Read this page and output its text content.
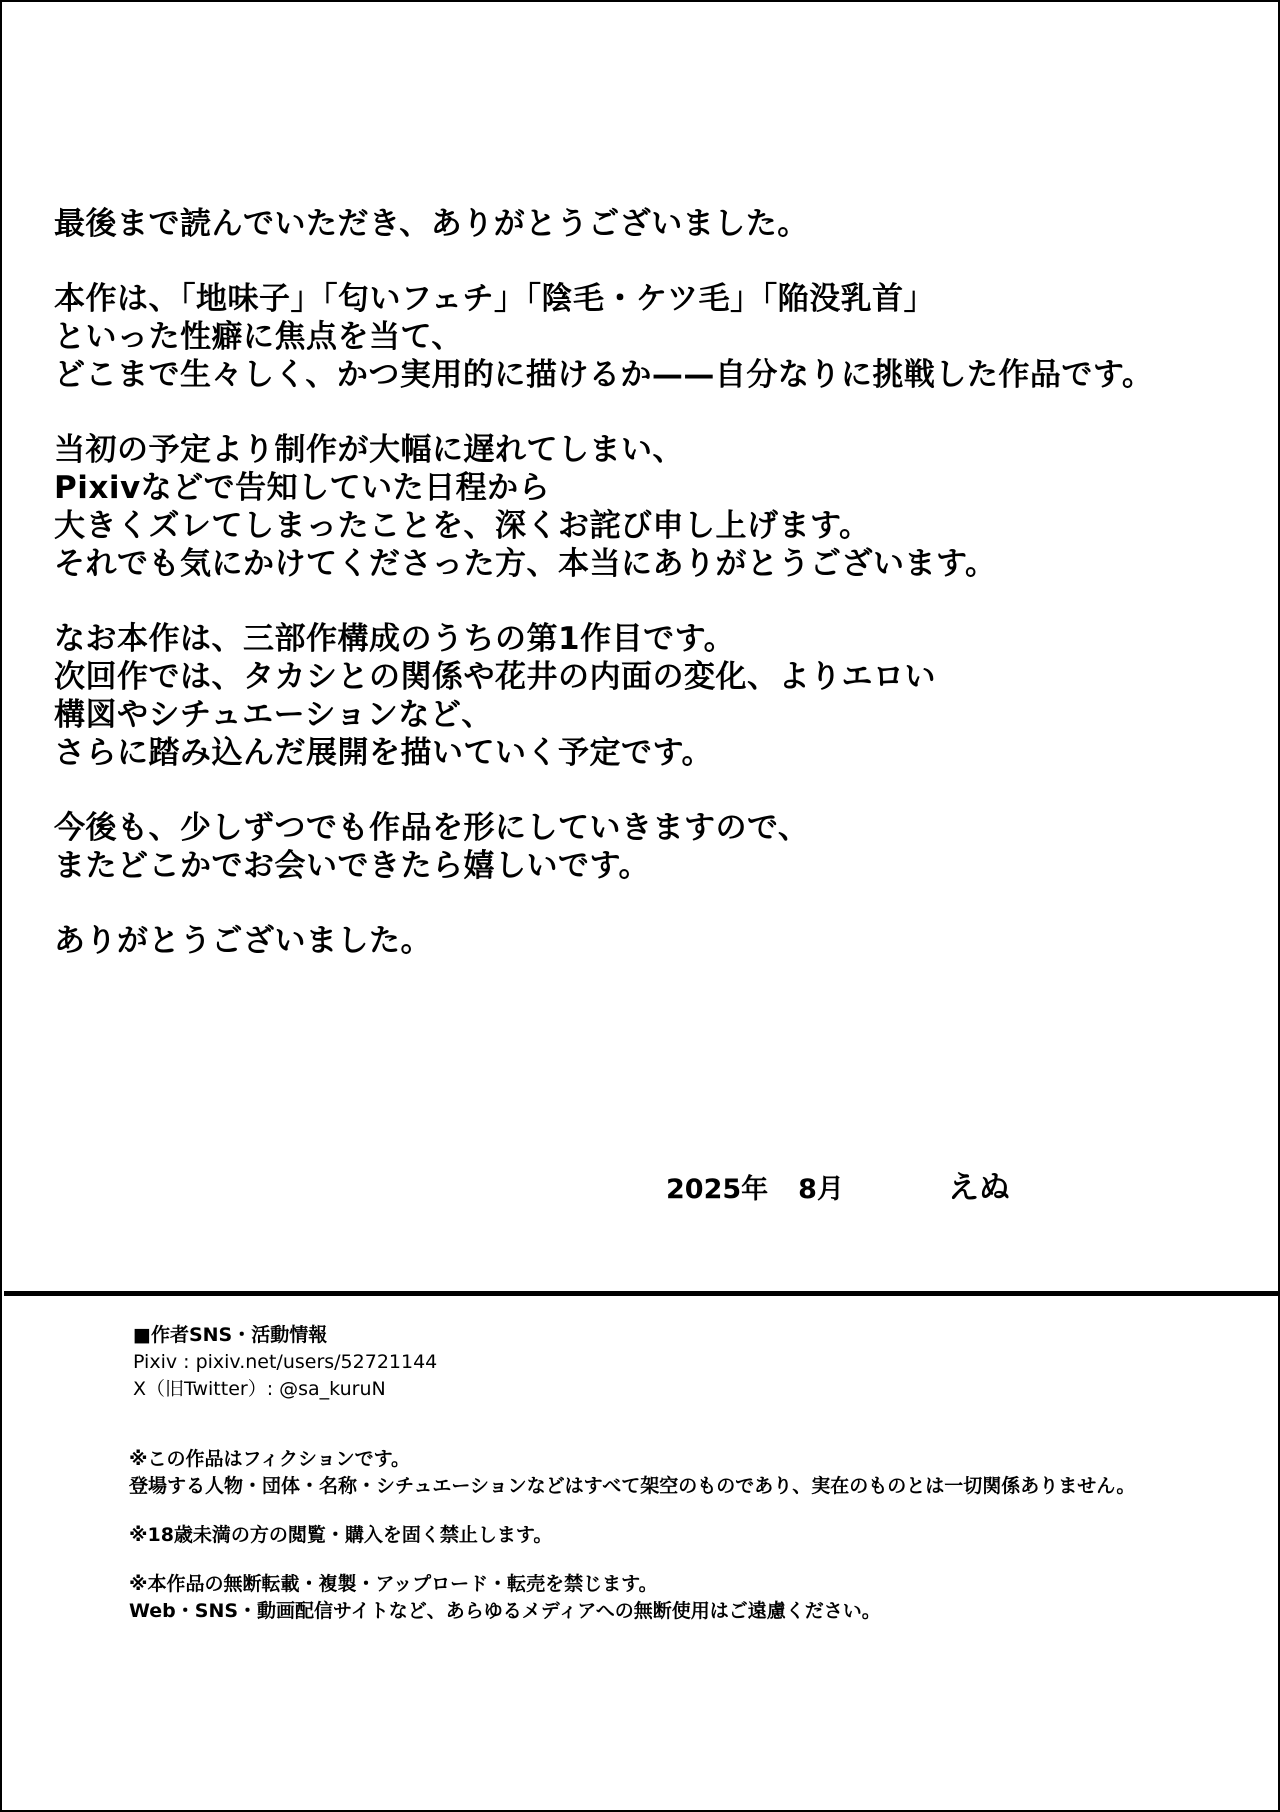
最後まで読んでいただき、ありがとうございました。
本作は、「地味子」「匂いフェチ」「陰毛・ケツ毛」「陥没乳首」
といった性癖に焦点を当て、
どこまで生々しく、かつ実用的に描けるか——自分なりに挑戦した作品です。
当初の予定より制作が大幅に遅れてしまい、
Pixivなどで告知していた日程から
大きくズレてしまったことを、深くお詫び申し上げます。
それでも気にかけてくださった方、本当にありがとうございます。
なお本作は、三部作構成のうちの第1作目です。
次回作では、タカシとの関係や花井の内面の変化、よりエロい
構図やシチュエーションなど、
さらに踏み込んだ展開を描いていく予定です。
今後も、少しずつでも作品を形にしていきますので、
またどこかでお会いできたら嬉しいです。
ありがとうございました。
2025年 8月	えぬ
■作者SNS・活動情報
Pixiv : pixiv.net/users/52721144
X（旧Twitter）: @sa_kuruN
※この作品はフィクションです。
登場する人物・団体・名称・シチュエーションなどはすべて架空のものであり、実在のものとは一切関係ありません。
※18歳未満の方の閲覧・購入を固く禁止します。
※本作品の無断転載・複製・アップロード・転売を禁じます。
Web・SNS・動画配信サイトなど、あらゆるメディアへの無断使用はご遠慮ください。
